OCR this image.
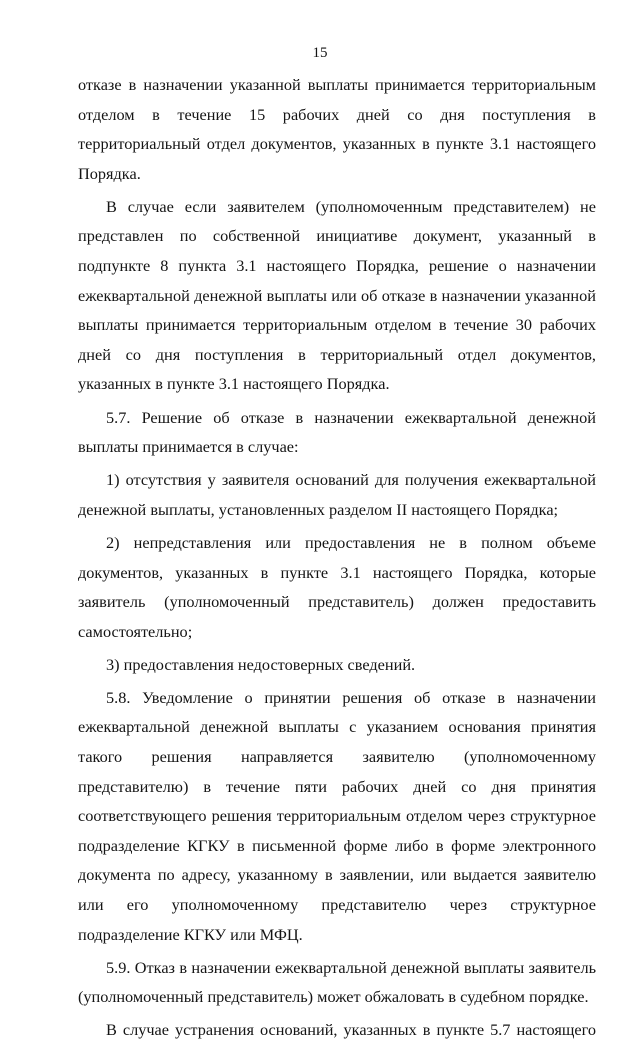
15

отказе в назначении указанной выплаты принимается территориальным отделом в течение 15 рабочих дней со дня поступления в территориальный отдел документов, указанных в пункте 3.1 настоящего Порядка.

В случае если заявителем (уполномоченным представителем) не представлен по собственной инициативе документ, указанный в подпункте 8 пункта 3.1 настоящего Порядка, решение о назначении ежеквартальной денежной выплаты или об отказе в назначении указанной выплаты принимается территориальным отделом в течение 30 рабочих дней со дня поступления в территориальный отдел документов, указанных в пункте 3.1 настоящего Порядка.

5.7. Решение об отказе в назначении ежеквартальной денежной выплаты принимается в случае:

1) отсутствия у заявителя оснований для получения ежеквартальной денежной выплаты, установленных разделом II настоящего Порядка;

2) непредставления или предоставления не в полном объеме документов, указанных в пункте 3.1 настоящего Порядка, которые заявитель (уполномоченный представитель) должен предоставить самостоятельно;

3) предоставления недостоверных сведений.

5.8. Уведомление о принятии решения об отказе в назначении ежеквартальной денежной выплаты с указанием основания принятия такого решения направляется заявителю (уполномоченному представителю) в течение пяти рабочих дней со дня принятия соответствующего решения территориальным отделом через структурное подразделение КГКУ в письменной форме либо в форме электронного документа по адресу, указанному в заявлении, или выдается заявителю или его уполномоченному представителю через структурное подразделение КГКУ или МФЦ.

5.9. Отказ в назначении ежеквартальной денежной выплаты заявитель (уполномоченный представитель) может обжаловать в судебном порядке.

В случае устранения оснований, указанных в пункте 5.7 настоящего
